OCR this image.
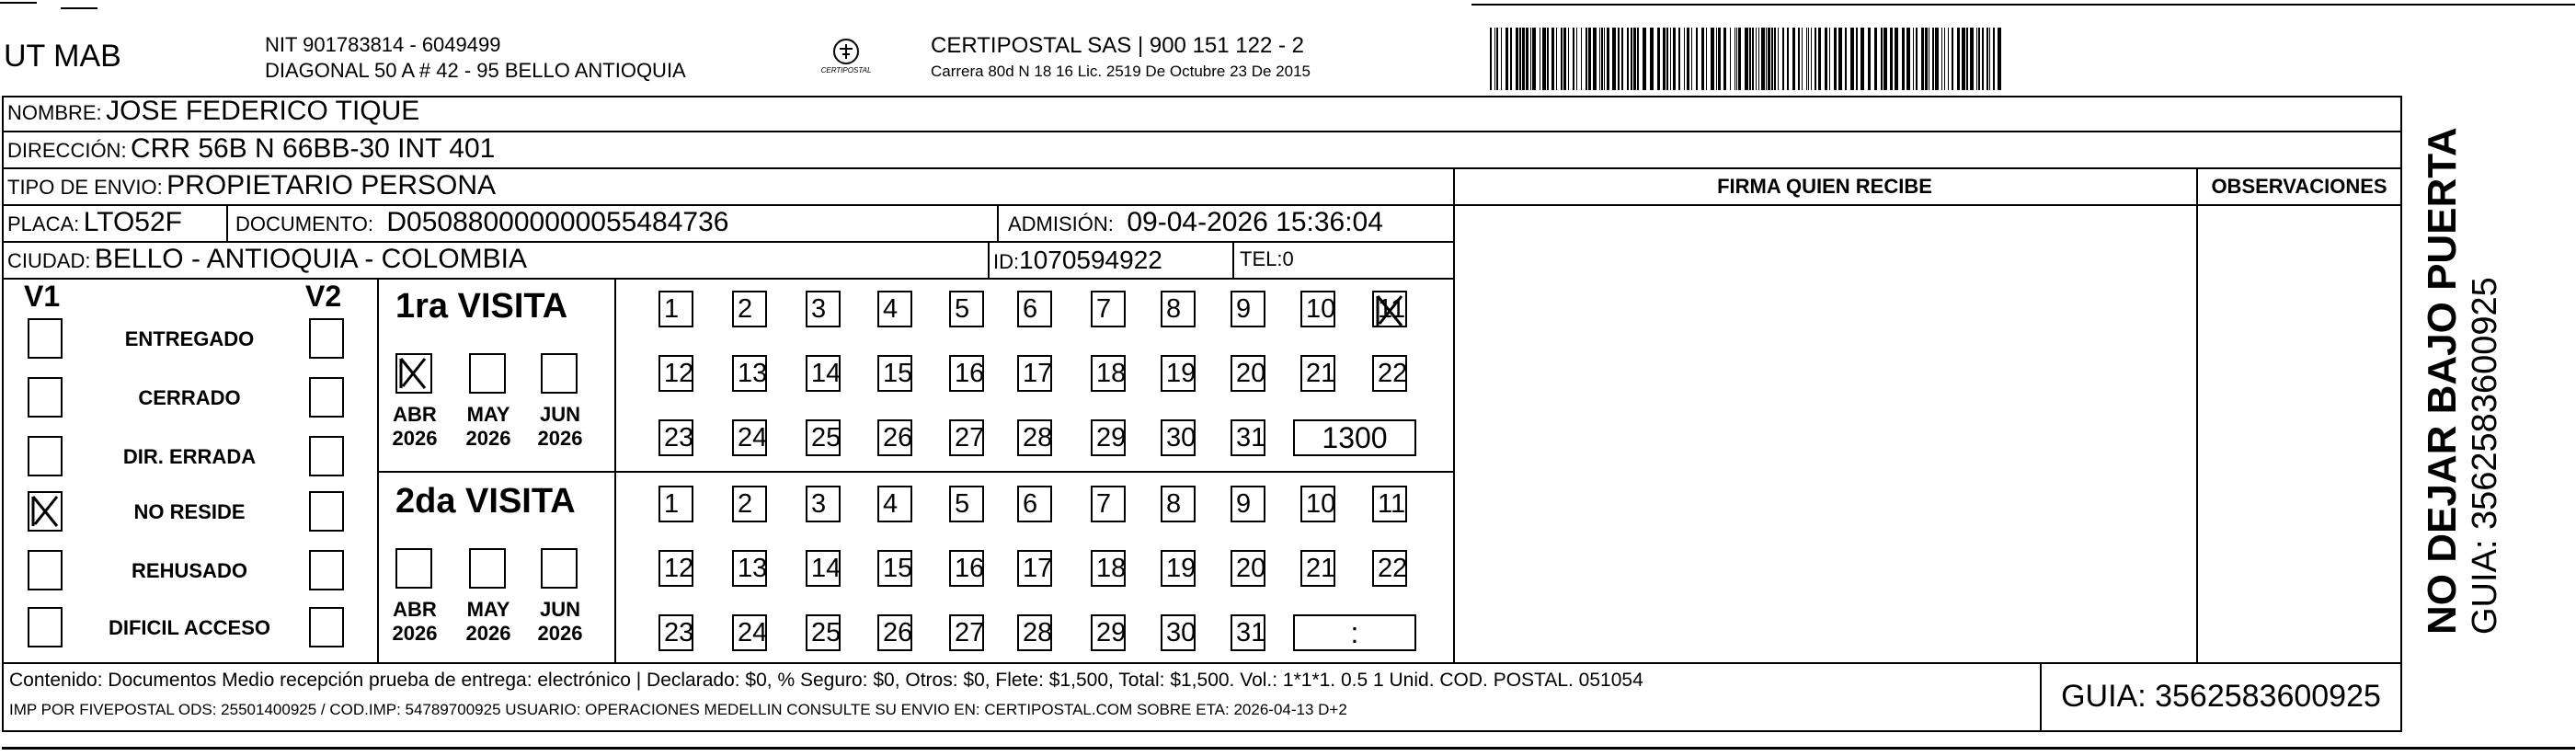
UT MAB	NIT 901783814 - 6049499
DIAGONAL 50 A # 42 - 95 BELLO ANTIOQUIA	CERTIPOSTAL
CERTIPOSTAL SAS | 900 151 122 - 2
Carrera 80d N 18 16 Lic. 2519 De Octubre 23 De 2015
NOMBRE: JOSE FEDERICO TIQUE
DIRECCIÓN: CRR 56B N 66BB-30 INT 401
TIPO DE ENVIO: PROPIETARIO PERSONA
PLACA: LTO52F	DOCUMENTO: D050880000000055484736	ADMISIÓN: 09-04-2026 15:36:04
CIUDAD: BELLO - ANTIOQUIA - COLOMBIA	ID:1070594922	TEL:0
FIRMA QUIEN RECIBE	OBSERVACIONES
V1	V2
ENTREGADO
CERRADO
DIR. ERRADA
NO RESIDE
REHUSADO
DIFICIL ACCESO
1ra VISITA
ABR
2026
MAY
2026
JUN
2026
1	2	3	4	5	6	7	8	9	10 11
12 13 14 15 16 17 18 19 20 21 22
23 24 25 26 27 28 29 30 31	1300
2da VISITA
ABR
2026
MAY
2026
JUN
2026
1	2	3	4	5	6	7	8	9	10 11
12 13 14 15 16 17 18 19 20 21 22
23 24 25 26 27 28 29 30 31	:
Contenido: Documentos Medio recepción prueba de entrega: electrónico | Declarado: $0, % Seguro: $0, Otros: $0, Flete: $1,500, Total: $1,500. Vol.: 1*1*1. 0.5 1 Unid. COD. POSTAL. 051054
IMP POR FIVEPOSTAL ODS: 25501400925 / COD.IMP: 54789700925 USUARIO: OPERACIONES MEDELLIN CONSULTE SU ENVIO EN: CERTIPOSTAL.COM SOBRE ETA: 2026-04-13 D+2	GUIA: 3562583600925
NO DEJAR BAJO PUERTA GUIA: 3562583600925
